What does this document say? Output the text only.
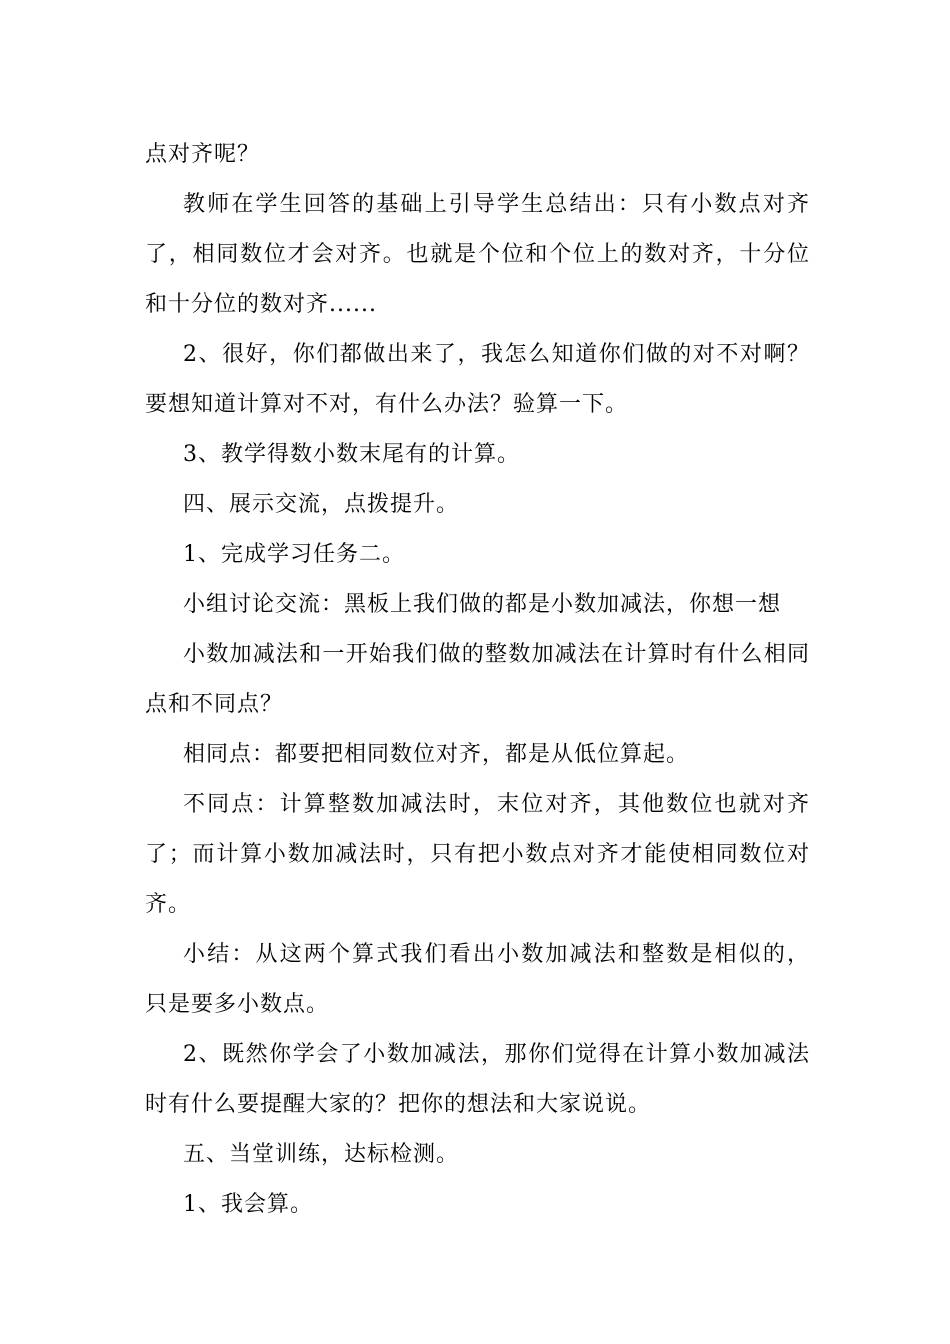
点对齐呢？

教师在学生回答的基础上引导学生总结出：只有小数点对齐了，相同数位才会对齐。也就是个位和个位上的数对齐，十分位和十分位的数对齐......

2、很好，你们都做出来了，我怎么知道你们做的对不对啊？要想知道计算对不对，有什么办法？验算一下。

3、教学得数小数末尾有的计算。

四、展示交流，点拨提升。

1、完成学习任务二。

小组讨论交流：黑板上我们做的都是小数加减法，你想一想

小数加减法和一开始我们做的整数加减法在计算时有什么相同点和不同点？

相同点：都要把相同数位对齐，都是从低位算起。

不同点：计算整数加减法时，末位对齐，其他数位也就对齐了；而计算小数加减法时，只有把小数点对齐才能使相同数位对齐。

小结：从这两个算式我们看出小数加减法和整数是相似的， 只是要多小数点。

2、既然你学会了小数加减法，那你们觉得在计算小数加减法时有什么要提醒大家的？把你的想法和大家说说。

五、当堂训练，达标检测。

1、我会算。
